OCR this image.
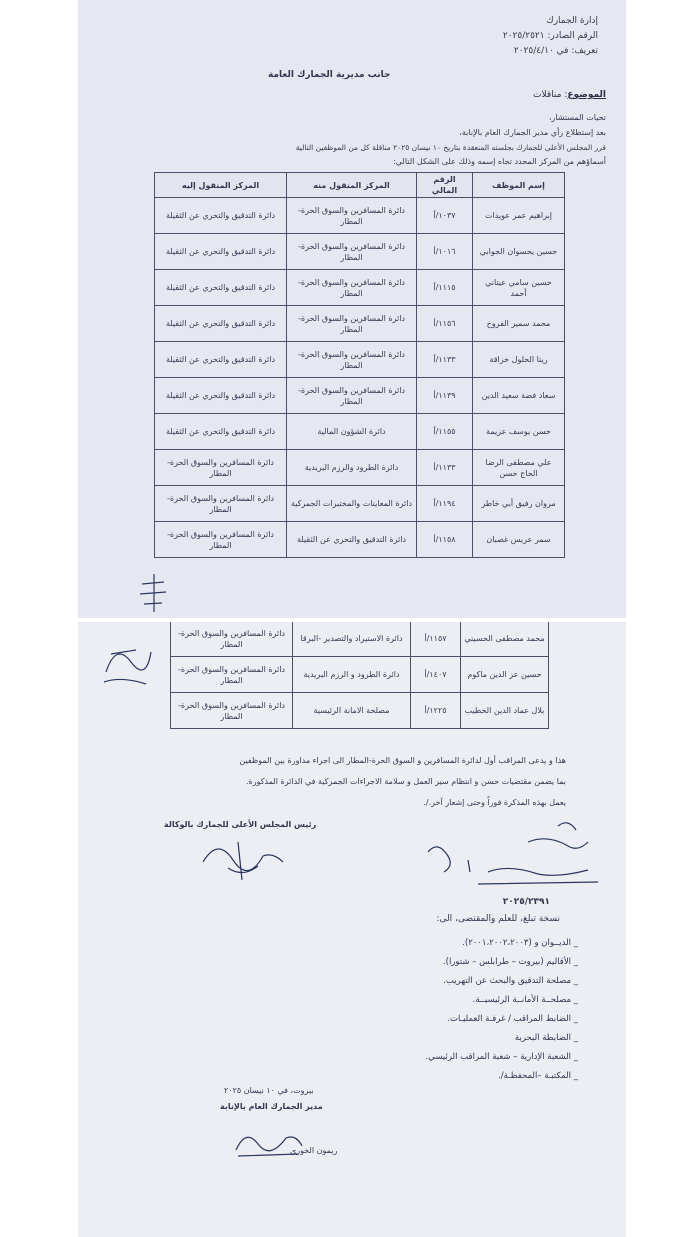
إدارة الجمارك
الرقم الصادر: ٢٠٢٥/٢٥٢١
تعريف: في ٢٠٢٥/٤/١٠
جانب مديرية الجمارك العامة
الموضوع: مناقلات
تحيات المستشار،
بعد إستطلاع رأي مدير الجمارك العام بالإنابة،
قرر المجلس الأعلى للجمارك بجلسته المنعقدة بتاريخ ١٠ نيسان ٢٠٢٥ مناقلة كل من الموظفين التالية
أسماؤهم من المركز المحدد تجاه إسمه وذلك على الشكل التالي:
إسم الموظف	الرقم المالي	المركز المنقول منه	المركز المنقول إليه
إبراهيم عمر عويدات	١٠٣٧/أ	دائرة المسافرين والسوق الحرة-المطار	دائرة التدقيق والتحري عن الثقيلة
حسين يحسوان الجوابي	١٠١٦/أ	دائرة المسافرين والسوق الحرة-المطار	دائرة التدقيق والتحري عن الثقيلة
حسين سامي عيتاني أحمد	١١١٥/أ	دائرة المسافرين والسوق الحرة-المطار	دائرة التدقيق والتحري عن الثقيلة
محمد سمير الفروخ	١١٥٦/أ	دائرة المسافرين والسوق الحرة-المطار	دائرة التدقيق والتحري عن الثقيلة
ريتا الحلول خزاقة	١١٣٣/أ	دائرة المسافرين والسوق الحرة-المطار	دائرة التدقيق والتحري عن الثقيلة
سعاد فضة سعيد الدين	١١٣٩/أ	دائرة المسافرين والسوق الحرة-المطار	دائرة التدقيق والتحري عن الثقيلة
حسن يوسف عزيمة	١١٥٥/أ	دائرة الشؤون المالية	دائرة التدقيق والتحري عن الثقيلة
علي مصطفى الرضا الحاج حسن	١١٣٣/أ	دائرة الطرود والرزم البريدية	دائرة المسافرين والسوق الحرة-المطار
مروان رفيق أبي خاطر	١١٩٤/أ	دائرة المعاينات والمختبرات الجمركية	دائرة المسافرين والسوق الحرة-المطار
سمر عريس غصبان	١١٥٨/أ	دائرة التدقيق والتحري عن الثقيلة	دائرة المسافرين والسوق الحرة-المطار
محمد مصطفى الحسيني	١١٥٧/أ	دائرة الاستيراد والتصدير -البرقا	دائرة المسافرين والسوق الحرة-المطار
حسين عز الدين ماكوم	١٤٠٧/أ	دائرة الطرود و الرزم البريدية	دائرة المسافرين والسوق الحرة-المطار
بلال عماد الدين الخطيب	١٢٢٥/أ	مصلحة الامانة الرئيسية	دائرة المسافرين والسوق الحرة-المطار
هذا و يدعى المراقب أول لدائرة المسافرين و السوق الحرة-المطار الى اجراء مداورة بين الموظفين
بما يضمن مقتضيات حسن و انتظام سير العمل و سلامة الاجراءات الجمركية في الدائرة المذكورة.
يعمل بهذه المذكرة فوراً وحتى إشعار آخر./.
رئيس المجلس الأعلى للجمارك بالوكالة
٢٠٢٥/٢٣٩١
نسخة تبلغ، للعلم والمقتضى، الى:
_ الديــوان و (٢٠٠١،٢٠٠٢،٢٠٠٣).
_ الأقاليم (بيروت – طرابلس – شتورا).
_ مصلحة التدقيق والبحث عن التهريب.
_ مصلحــة الأمانــة الرئيسيــة.
_ الضابط المراقب / غرفـة العمليـات.
_ الضابطة البحرية
_ الشعبة الإدارية – شعبة المراقب الرئيسي.
_ المكتبـة –المحفظـة/.
بيروت، في ١٠ نيسان ٢٠٢٥
مدير الجمارك العام بالإنابة
ريمون الخوري
